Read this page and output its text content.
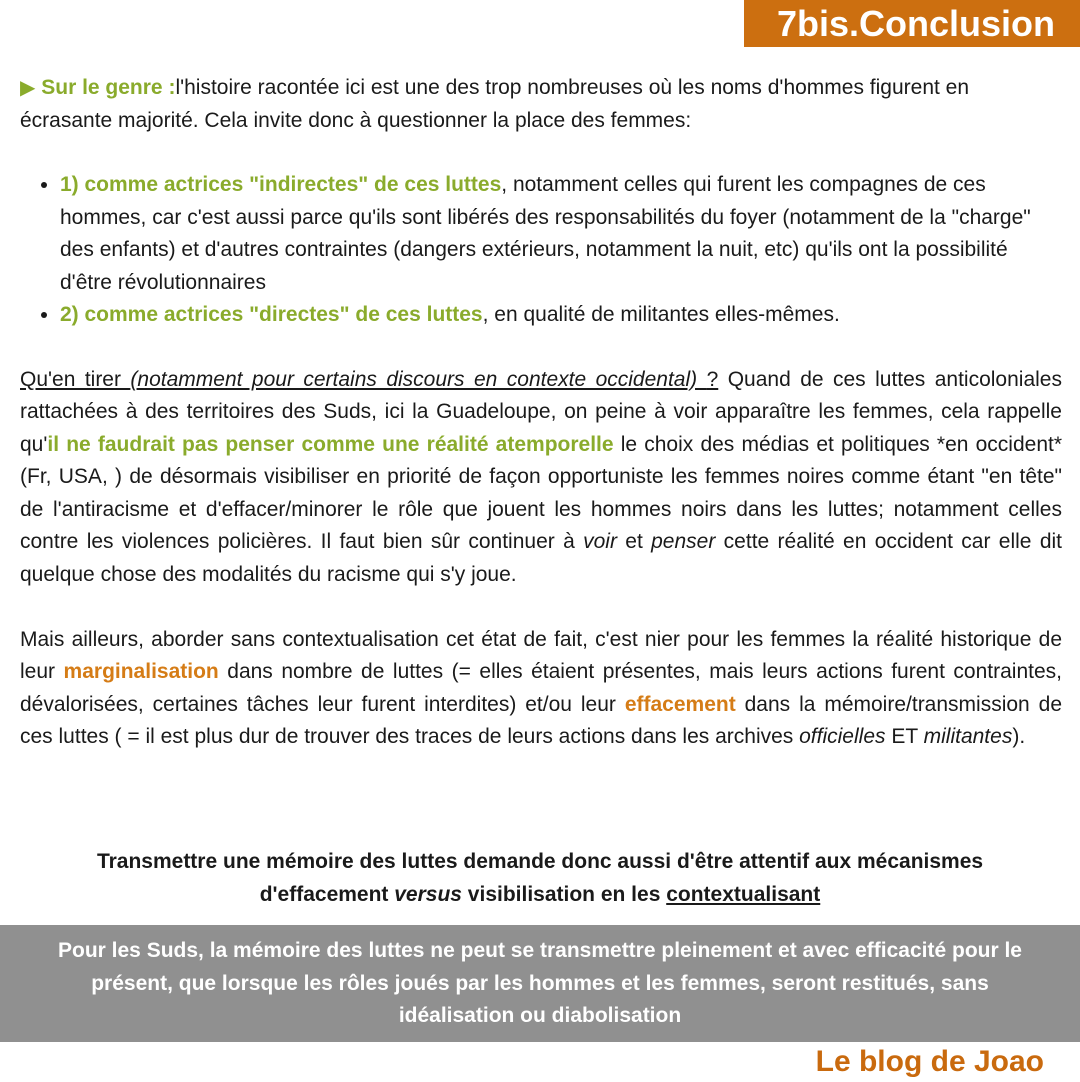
7bis.Conclusion

▶ Sur le genre :l'histoire racontée ici est une des trop nombreuses où les noms d'hommes figurent en écrasante majorité. Cela invite donc à questionner la place des femmes:

• 1) comme actrices "indirectes" de ces luttes, notamment celles qui furent les compagnes de ces hommes, car c'est aussi parce qu'ils sont libérés des responsabilités du foyer (notamment de la "charge" des enfants) et d'autres contraintes (dangers extérieurs, notamment la nuit, etc) qu'ils ont la possibilité d'être révolutionnaires
• 2) comme actrices "directes" de ces luttes, en qualité de militantes elles-mêmes.

Qu'en tirer (notamment pour certains discours en contexte occidental) ? Quand de ces luttes anticoloniales rattachées à des territoires des Suds, ici la Guadeloupe, on peine à voir apparaître les femmes, cela rappelle qu'il ne faudrait pas penser comme une réalité atemporelle le choix des médias et politiques *en occident* (Fr, USA, ) de désormais visibiliser en priorité de façon opportuniste les femmes noires comme étant "en tête" de l'antiracisme et d'effacer/minorer le rôle que jouent les hommes noirs dans les luttes; notamment celles contre les violences policières. Il faut bien sûr continuer à voir et penser cette réalité en occident car elle dit quelque chose des modalités du racisme qui s'y joue.

Mais ailleurs, aborder sans contextualisation cet état de fait, c'est nier pour les femmes la réalité historique de leur marginalisation dans nombre de luttes (= elles étaient présentes, mais leurs actions furent contraintes, dévalorisées, certaines tâches leur furent interdites) et/ou leur effacement dans la mémoire/transmission de ces luttes ( = il est plus dur de trouver des traces de leurs actions dans les archives officielles ET militantes).

Transmettre une mémoire des luttes demande donc aussi d'être attentif aux mécanismes d'effacement versus visibilisation en les contextualisant
Pour les Suds, la mémoire des luttes ne peut se transmettre pleinement et avec efficacité pour le présent, que lorsque les rôles joués par les hommes et les femmes, seront restitués, sans idéalisation ou diabolisation
Le blog de Joao
